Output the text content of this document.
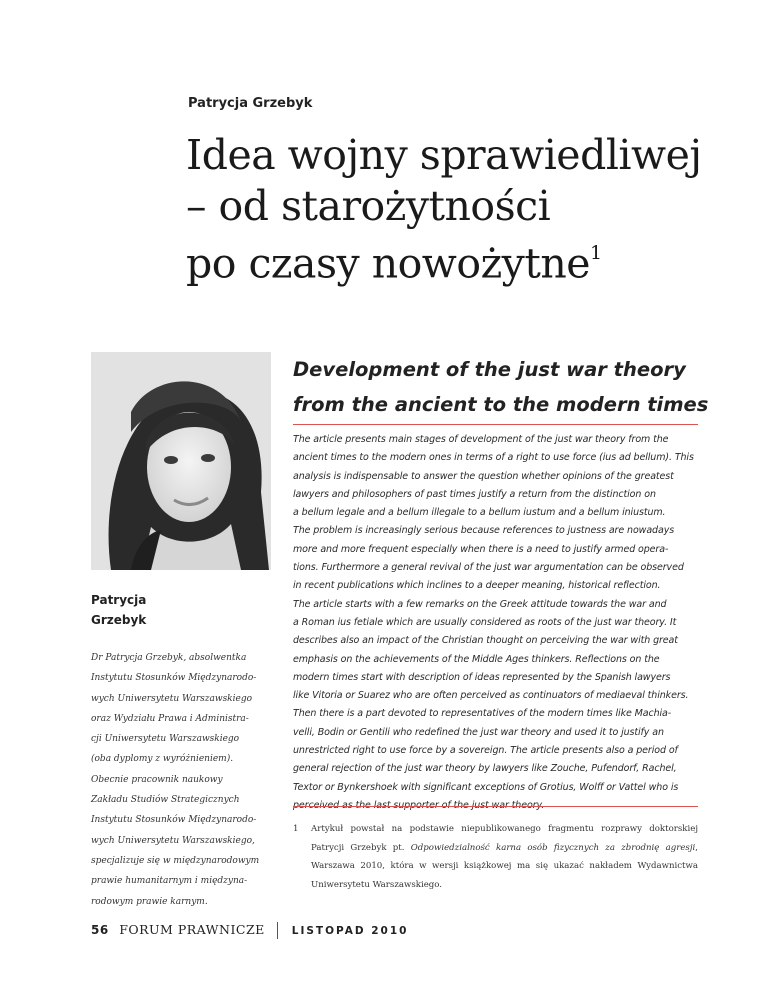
Patrycja Grzebyk
Idea wojny sprawiedliwej
– od starożytności
po czasy nowożytne$^1$
Development of the just war theory
from the ancient to the modern times
The article presents main stages of development of the just war theory from the
ancient times to the modern ones in terms of a right to use force (ius ad bellum). This
analysis is indispensable to answer the question whether opinions of the greatest
lawyers and philosophers of past times justify a return from the distinction on
a bellum legale and a bellum illegale to a bellum iustum and a bellum iniustum.
The problem is increasingly serious because references to justness are nowadays
more and more frequent especially when there is a need to justify armed opera-
tions. Furthermore a general revival of the just war argumentation can be observed
in recent publications which inclines to a deeper meaning, historical reflection.
The article starts with a few remarks on the Greek attitude towards the war and
a Roman ius fetiale which are usually considered as roots of the just war theory. It
describes also an impact of the Christian thought on perceiving the war with great
emphasis on the achievements of the Middle Ages thinkers. Reflections on the
modern times start with description of ideas represented by the Spanish lawyers
like Vitoria or Suarez who are often perceived as continuators of mediaeval thinkers.
Then there is a part devoted to representatives of the modern times like Machia-
velli, Bodin or Gentili who redefined the just war theory and used it to justify an
unrestricted right to use force by a sovereign. The article presents also a period of
general rejection of the just war theory by lawyers like Zouche, Pufendorf, Rachel,
Textor or Bynkershoek with significant exceptions of Grotius, Wolff or Vattel who is
Patrycja
Grzebyk
Dr Patrycja Grzebyk, absolwentka
Instytutu Stosunków Międzynarodo-
wych Uniwersytetu Warszawskiego
oraz Wydziału Prawa i Administra-
cji Uniwersytetu Warszawskiego
(oba dyplomy z wyróżnieniem).
Obecnie pracownik naukowy
Zakładu Studiów Strategicznych
Instytutu Stosunków Międzynarodo-
wych Uniwersytetu Warszawskiego,
specjalizuje się w międzynarodowym
prawie humanitarnym i międzyna-
rodowym prawie karnym.
1 Artykuł powstał na podstawie niepublikowanego fragmentu rozprawy doktorskiej Patrycji Grzebyk pt. Odpowiedzialność karna osób fizycznych za zbrodnię agresji, Warszawa 2010, która w wersji książkowej ma się ukazać nakładem Wydawnictwa Uniwersytetu Warszawskiego.
56 FORUM PRAWNICZE	LISTOPAD 2010
